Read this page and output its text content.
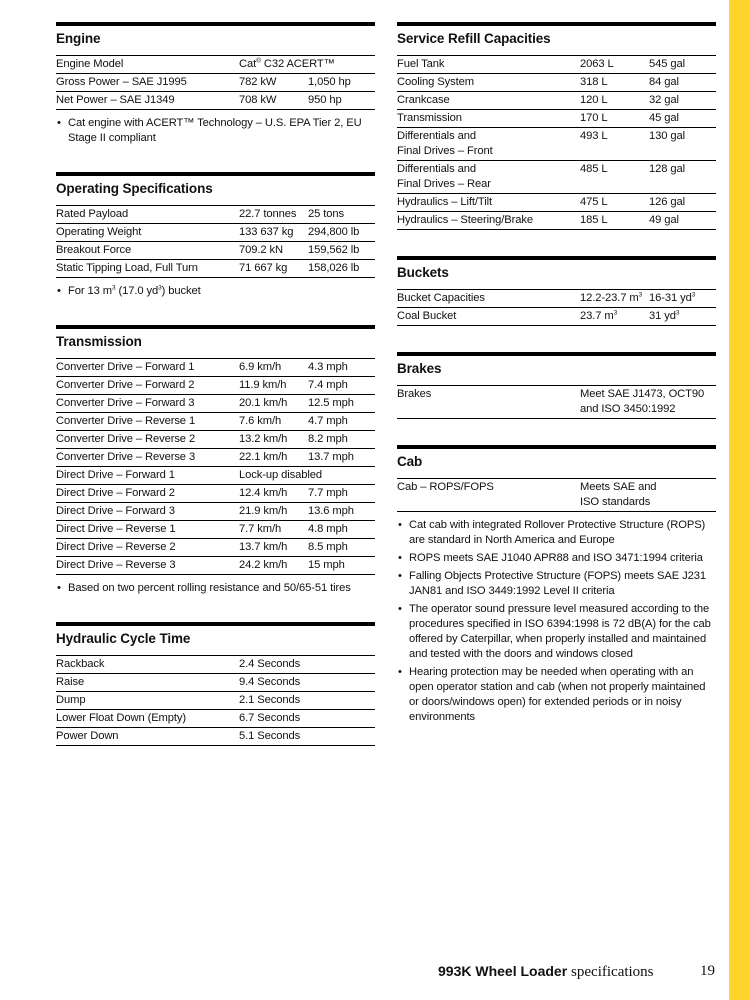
Engine
Engine Model	Cat® C32 ACERT™
Gross Power – SAE J1995	782 kW	1,050 hp
Net Power – SAE J1349	708 kW	950 hp
• Cat engine with ACERT™ Technology – U.S. EPA Tier 2, EU Stage II compliant
Operating Specifications
Rated Payload	22.7 tonnes	25 tons
Operating Weight	133 637 kg	294,800 lb
Breakout Force	709.2 kN	159,562 lb
Static Tipping Load, Full Turn	71 667 kg	158,026 lb
• For 13 $m^3$ (17.0 $yd^3$) bucket
Transmission
Converter Drive – Forward 1	6.9 km/h	4.3 mph
Converter Drive – Forward 2	11.9 km/h	7.4 mph
Converter Drive – Forward 3	20.1 km/h	12.5 mph
Converter Drive – Reverse 1	7.6 km/h	4.7 mph
Converter Drive – Reverse 2	13.2 km/h	8.2 mph
Converter Drive – Reverse 3	22.1 km/h	13.7 mph
Direct Drive – Forward 1	Lock-up disabled
Direct Drive – Forward 2	12.4 km/h	7.7 mph
Direct Drive – Forward 3	21.9 km/h	13.6 mph
Direct Drive – Reverse 1	7.7 km/h	4.8 mph
Direct Drive – Reverse 2	13.7 km/h	8.5 mph
Direct Drive – Reverse 3	24.2 km/h	15 mph
• Based on two percent rolling resistance and 50/65-51 tires
Hydraulic Cycle Time
Rackback	2.4 Seconds
Raise	9.4 Seconds
Dump	2.1 Seconds
Lower Float Down (Empty)	6.7 Seconds
Power Down	5.1 Seconds
Service Refill Capacities
Fuel Tank	2063 L	545 gal
Cooling System	318 L	84 gal
Crankcase	120 L	32 gal
Transmission	170 L	45 gal
Differentials and
Final Drives – Front
493 L	130 gal
Differentials and
Final Drives – Rear
485 L	128 gal
Hydraulics – Lift/Tilt	475 L	126 gal
Hydraulics – Steering/Brake	185 L	49 gal
Buckets
Bucket Capacities	12.2-23.7 $m^3$ 16-31 $yd^3$
Coal Bucket	23.7 $m^3$	31 $yd^3$
Brakes
Brakes	Meet SAE J1473, OCT90
and ISO 3450:1992
Cab
Cab – ROPS/FOPS	Meets SAE and
ISO standards
• Cat cab with integrated Rollover Protective Structure (ROPS) are standard in North America and Europe
• ROPS meets SAE J1040 APR88 and ISO 3471:1994 criteria
• Falling Objects Protective Structure (FOPS) meets SAE J231 JAN81 and ISO 3449:1992 Level II criteria
• The operator sound pressure level measured according to the procedures specified in ISO 6394:1998 is 72 dB(A) for the cab offered by Caterpillar, when properly installed and maintained and tested with the doors and windows closed
• Hearing protection may be needed when operating with an open operator station and cab (when not properly maintained or doors/windows open) for extended periods or in noisy environments
993K Wheel Loader specifications	19
